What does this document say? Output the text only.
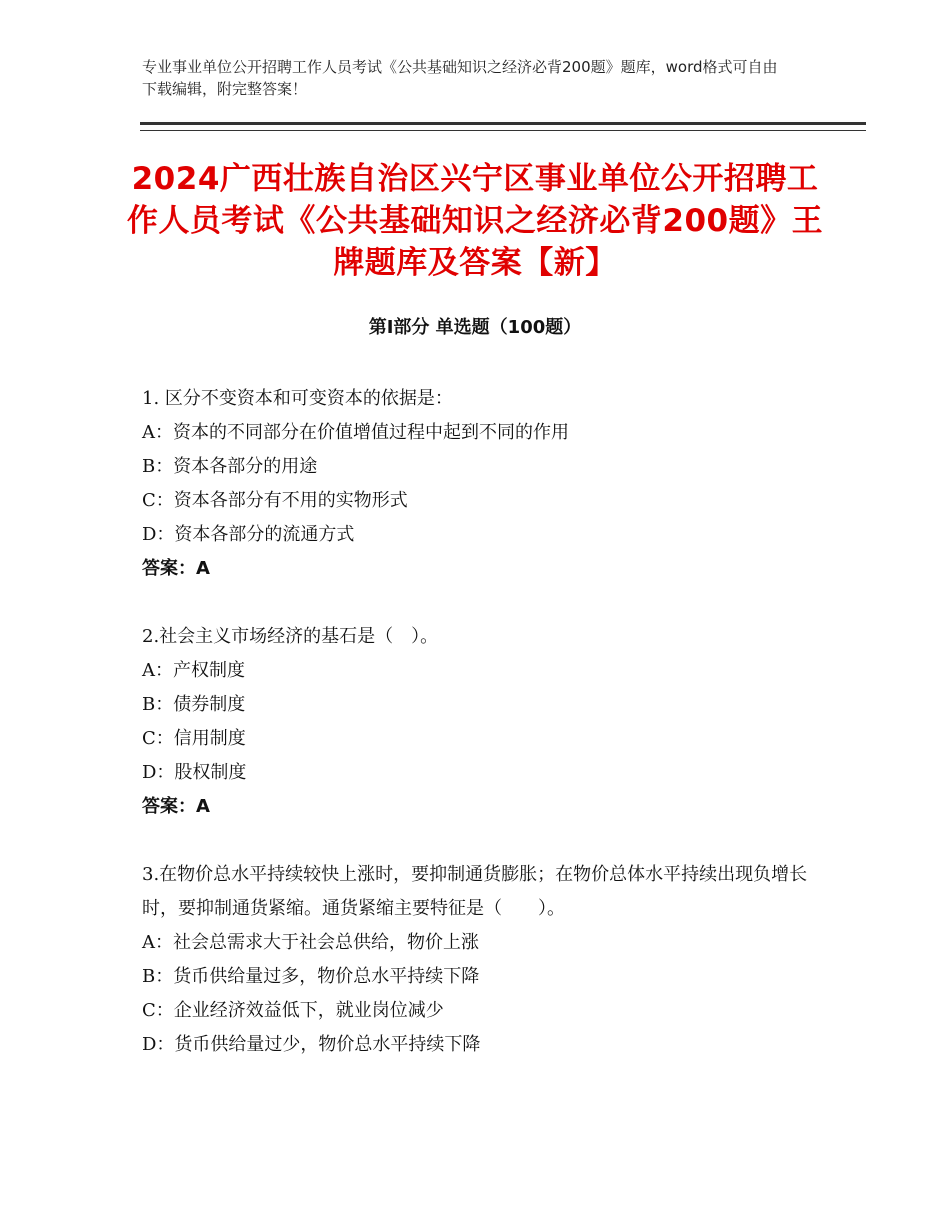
专业事业单位公开招聘工作人员考试《公共基础知识之经济必背200题》题库，word格式可自由下载编辑，附完整答案！
2024广西壮族自治区兴宁区事业单位公开招聘工作人员考试《公共基础知识之经济必背200题》王牌题库及答案【新】
第Ⅰ部分 单选题（100题）
1. 区分不变资本和可变资本的依据是：
A：资本的不同部分在价值增值过程中起到不同的作用
B：资本各部分的用途
C：资本各部分有不用的实物形式
D：资本各部分的流通方式
答案：A
2.社会主义市场经济的基石是（　）。
A：产权制度
B：债券制度
C：信用制度
D：股权制度
答案：A
3.在物价总水平持续较快上涨时，要抑制通货膨胀；在物价总体水平持续出现负增长时，要抑制通货紧缩。通货紧缩主要特征是（　　）。
A：社会总需求大于社会总供给，物价上涨
B：货币供给量过多，物价总水平持续下降
C：企业经济效益低下，就业岗位减少
D：货币供给量过少，物价总水平持续下降
